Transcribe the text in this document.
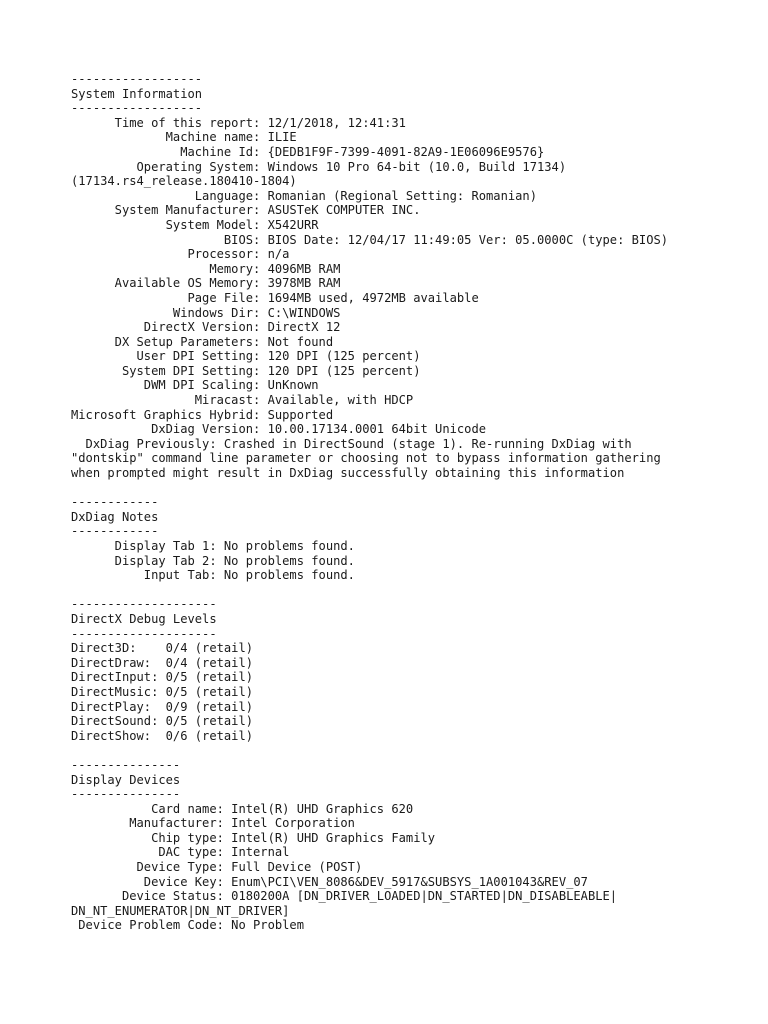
------------------
System Information
------------------
Time of this report: 12/1/2018, 12:41:31
Machine name: ILIE
Machine Id: {DEDB1F9F-7399-4091-82A9-1E06096E9576}
Operating System: Windows 10 Pro 64-bit (10.0, Build 17134)
(17134.rs4_release.180410-1804)
Language: Romanian (Regional Setting: Romanian)
System Manufacturer: ASUSTeK COMPUTER INC.
System Model: X542URR
BIOS: BIOS Date: 12/04/17 11:49:05 Ver: 05.0000C (type: BIOS)
Processor: n/a
Memory: 4096MB RAM
Available OS Memory: 3978MB RAM
Page File: 1694MB used, 4972MB available
Windows Dir: C:\WINDOWS
DirectX Version: DirectX 12
DX Setup Parameters: Not found
User DPI Setting: 120 DPI (125 percent)
System DPI Setting: 120 DPI (125 percent)
DWM DPI Scaling: UnKnown
Miracast: Available, with HDCP
Microsoft Graphics Hybrid: Supported
DxDiag Version: 10.00.17134.0001 64bit Unicode
DxDiag Previously: Crashed in DirectSound (stage 1). Re-running DxDiag with
"dontskip" command line parameter or choosing not to bypass information gathering
when prompted might result in DxDiag successfully obtaining this information
------------
DxDiag Notes
------------
Display Tab 1: No problems found.
Display Tab 2: No problems found.
Input Tab: No problems found.
--------------------
DirectX Debug Levels
--------------------
Direct3D:    0/4 (retail)
DirectDraw:  0/4 (retail)
DirectInput: 0/5 (retail)
DirectMusic: 0/5 (retail)
DirectPlay:  0/9 (retail)
DirectSound: 0/5 (retail)
DirectShow:  0/6 (retail)
---------------
Display Devices
---------------
Card name: Intel(R) UHD Graphics 620
Manufacturer: Intel Corporation
Chip type: Intel(R) UHD Graphics Family
DAC type: Internal
Device Type: Full Device (POST)
Device Key: Enum\PCI\VEN_8086&DEV_5917&SUBSYS_1A001043&REV_07
Device Status: 0180200A [DN_DRIVER_LOADED|DN_STARTED|DN_DISABLEABLE|
DN_NT_ENUMERATOR|DN_NT_DRIVER]
Device Problem Code: No Problem
